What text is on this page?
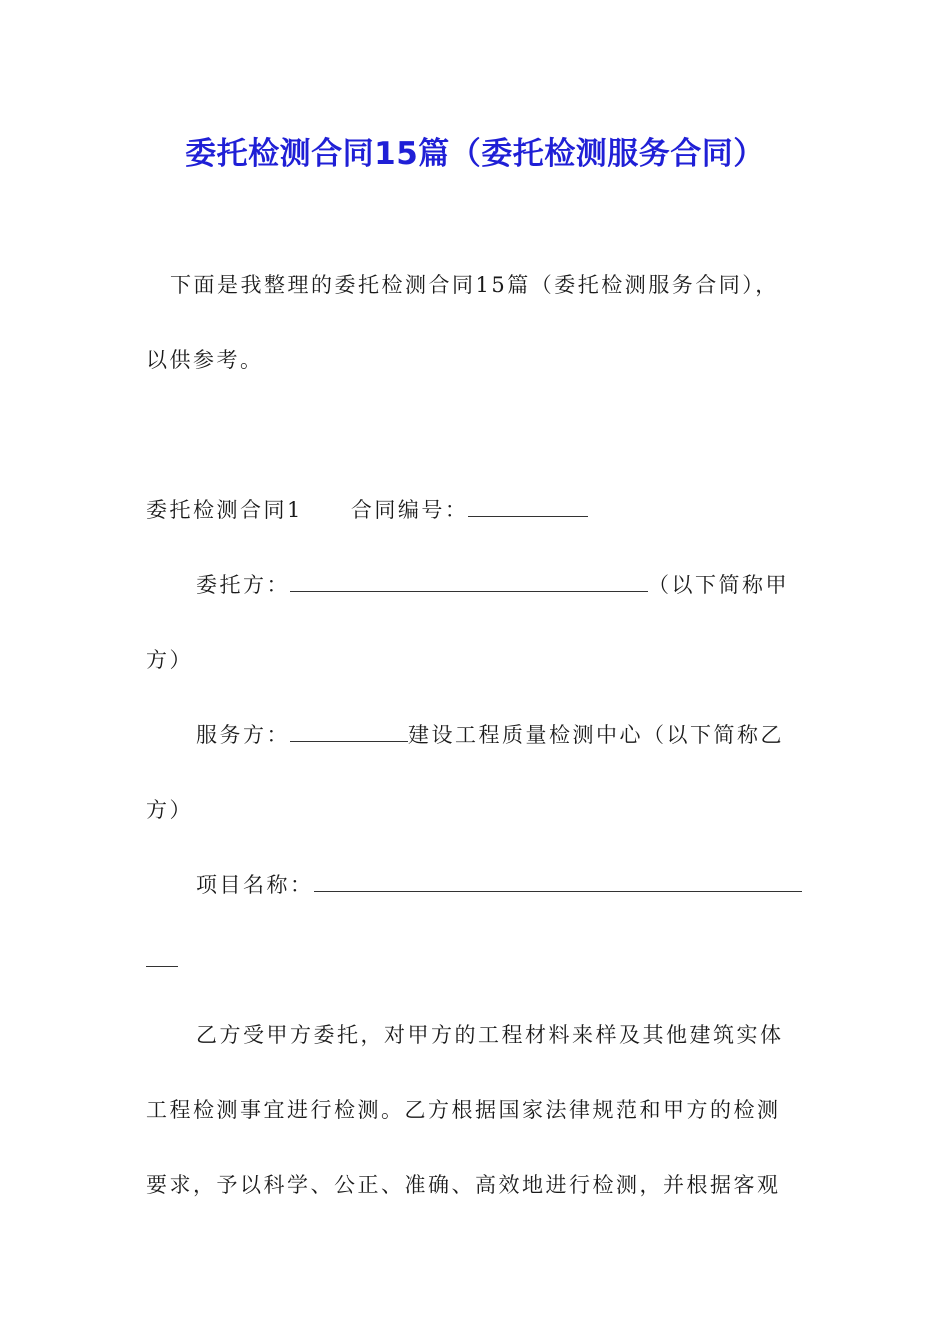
委托检测合同15篇（委托检测服务合同）
下面是我整理的委托检测合同15篇（委托检测服务合同），
以供参考。
委托检测合同1 合同编号：
委托方：	（以下简称甲
方）
服务方：	建设工程质量检测中心（以下简称乙
方）
项目名称：
乙方受甲方委托，对甲方的工程材料来样及其他建筑实体
工程检测事宜进行检测。乙方根据国家法律规范和甲方的检测
要求，予以科学、公正、准确、高效地进行检测，并根据客观
